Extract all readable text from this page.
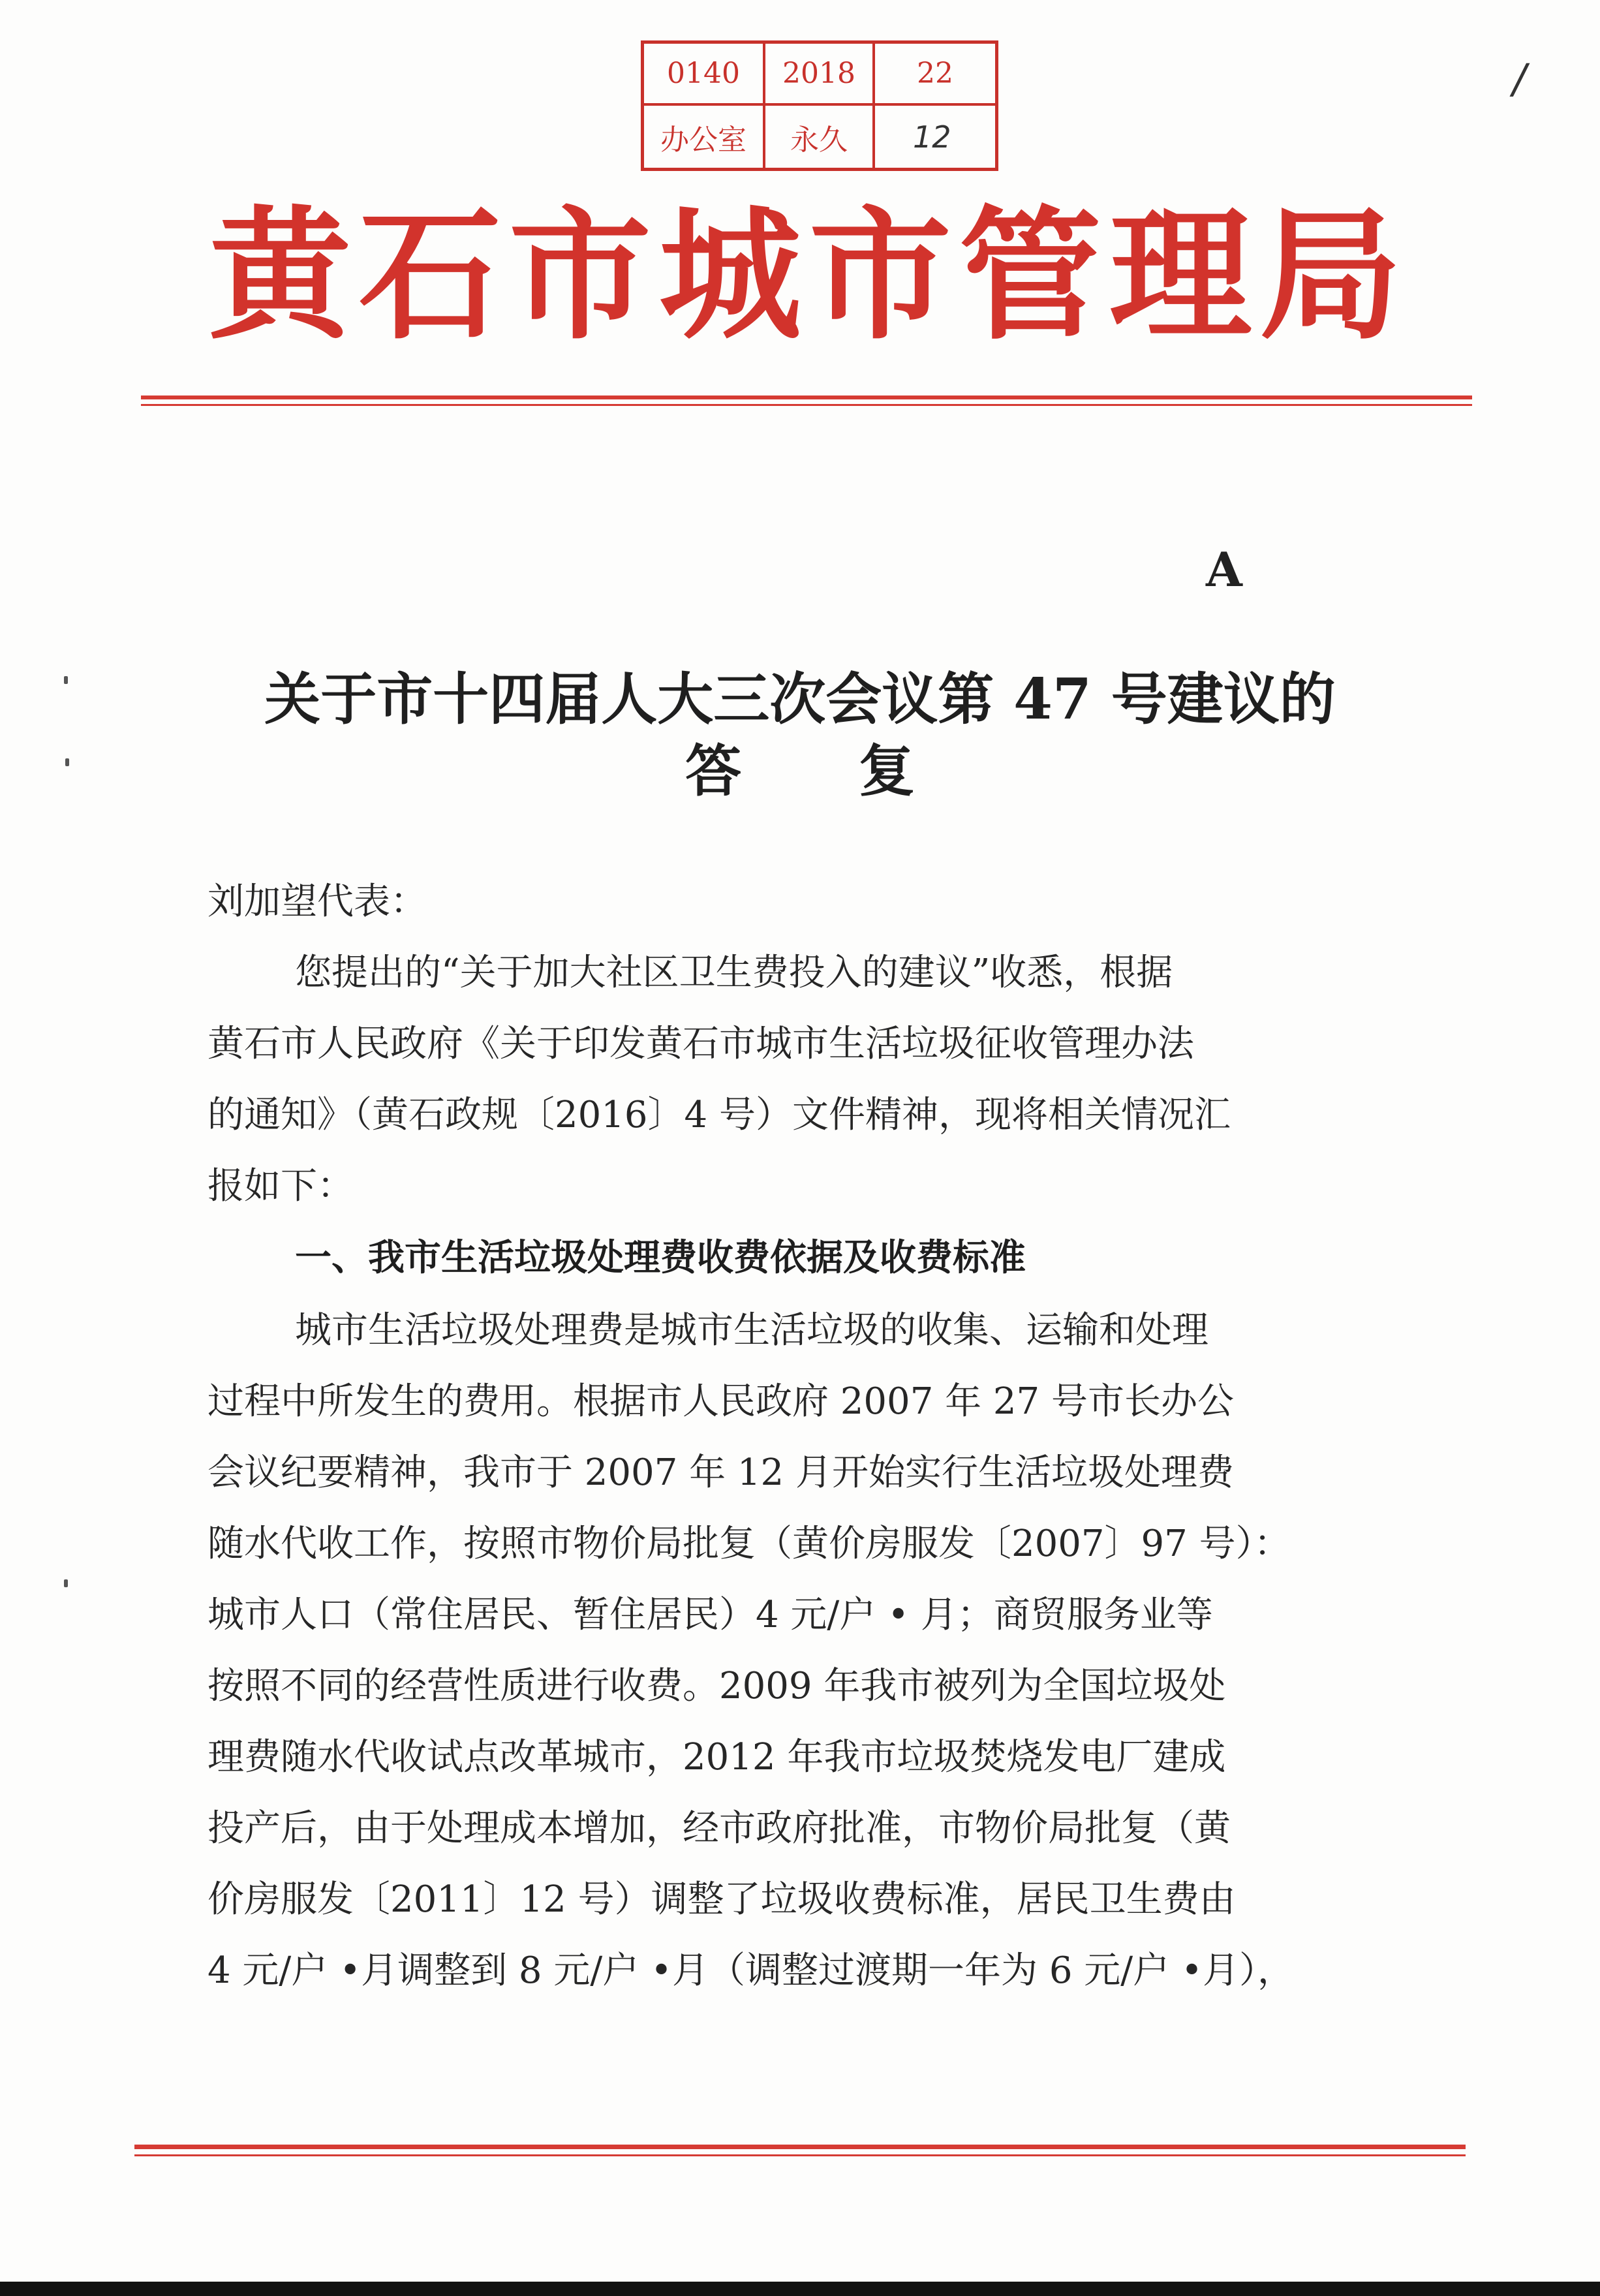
0140	2018	22
办公室	永久	12
/
黄石市城市管理局
A
关于市十四届人大三次会议第 47 号建议的
答      复
刘加望代表：
您提出的“关于加大社区卫生费投入的建议”收悉，根据
黄石市人民政府《关于印发黄石市城市生活垃圾征收管理办法
的通知》（黄石政规〔2016〕4 号）文件精神，现将相关情况汇
报如下：
一、我市生活垃圾处理费收费依据及收费标准
城市生活垃圾处理费是城市生活垃圾的收集、运输和处理
过程中所发生的费用。根据市人民政府 2007 年 27 号市长办公
会议纪要精神，我市于 2007 年 12 月开始实行生活垃圾处理费
随水代收工作，按照市物价局批复（黄价房服发〔2007〕97 号）：
城市人口（常住居民、暂住居民）4 元/户 • 月；商贸服务业等
按照不同的经营性质进行收费。2009 年我市被列为全国垃圾处
理费随水代收试点改革城市，2012 年我市垃圾焚烧发电厂建成
投产后，由于处理成本增加，经市政府批准，市物价局批复（黄
价房服发〔2011〕12 号）调整了垃圾收费标准，居民卫生费由
4 元/户 •月调整到 8 元/户 •月（调整过渡期一年为 6 元/户 •月），
